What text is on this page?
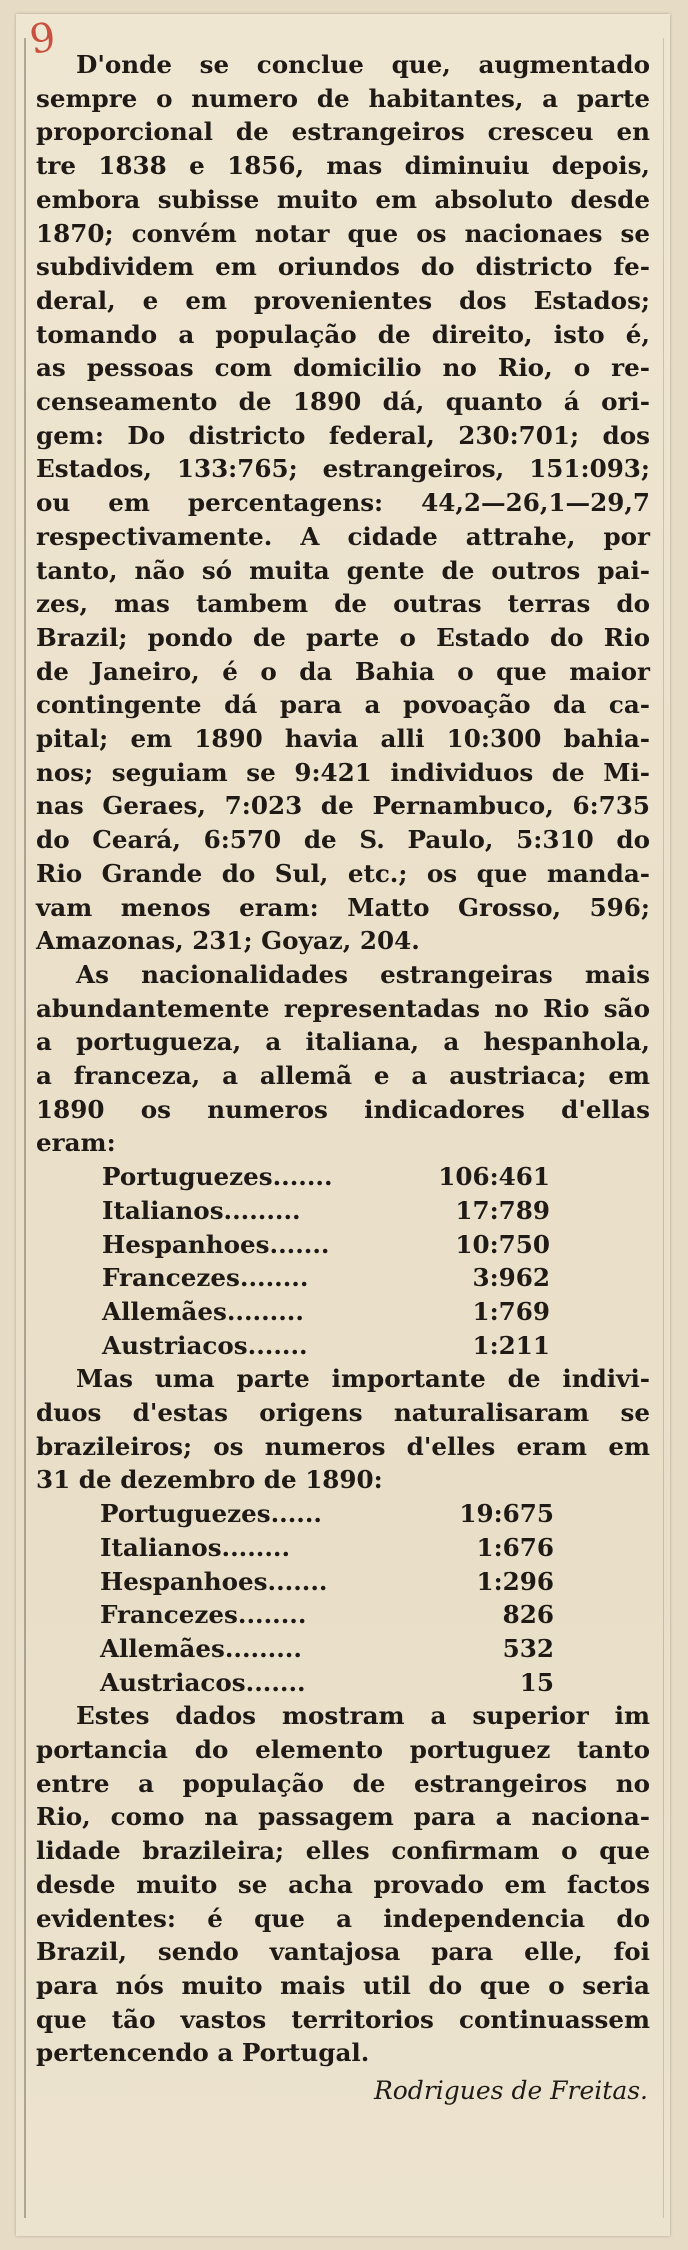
9
D'onde se conclue que, augmentado
sempre o numero de habitantes, a parte
proporcional de estrangeiros cresceu en
tre 1838 e 1856, mas diminuiu depois,
embora subisse muito em absoluto desde
1870; convém notar que os nacionaes se
subdividem em oriundos do districto fe-
deral, e em provenientes dos Estados;
tomando a população de direito, isto é,
as pessoas com domicilio no Rio, o re-
censeamento de 1890 dá, quanto á ori-
gem: Do districto federal, 230:701; dos
Estados, 133:765; estrangeiros, 151:093;
ou em percentagens: 44,2—26,1—29,7
respectivamente. A cidade attrahe, por
tanto, não só muita gente de outros pai-
zes, mas tambem de outras terras do
Brazil; pondo de parte o Estado do Rio
de Janeiro, é o da Bahia o que maior
contingente dá para a povoação da ca-
pital; em 1890 havia alli 10:300 bahia-
nos; seguiam se 9:421 individuos de Mi-
nas Geraes, 7:023 de Pernambuco, 6:735
do Ceará, 6:570 de S. Paulo, 5:310 do
Rio Grande do Sul, etc.; os que manda-
vam menos eram: Matto Grosso, 596;
Amazonas, 231; Goyaz, 204.
As nacionalidades estrangeiras mais
abundantemente representadas no Rio são
a portugueza, a italiana, a hespanhola,
a franceza, a allemã e a austriaca; em
1890 os numeros indicadores d'ellas
eram:
Portuguezes.......	106:461
Italianos.........	17:789
Hespanhoes.......	10:750
Francezes........	3:962
Allemães.........	1:769
Austriacos.......	1:211
Mas uma parte importante de indivi-
duos d'estas origens naturalisaram se
brazileiros; os numeros d'elles eram em
31 de dezembro de 1890:
Portuguezes......	19:675
Italianos........	1:676
Hespanhoes.......	1:296
Francezes........	826
Allemães.........	532
Austriacos.......	15
Estes dados mostram a superior im
portancia do elemento portuguez tanto
entre a população de estrangeiros no
Rio, como na passagem para a naciona-
lidade brazileira; elles confirmam o que
desde muito se acha provado em factos
evidentes: é que a independencia do
Brazil, sendo vantajosa para elle, foi
para nós muito mais util do que o seria
que tão vastos territorios continuassem
pertencendo a Portugal.
Rodrigues de Freitas.
